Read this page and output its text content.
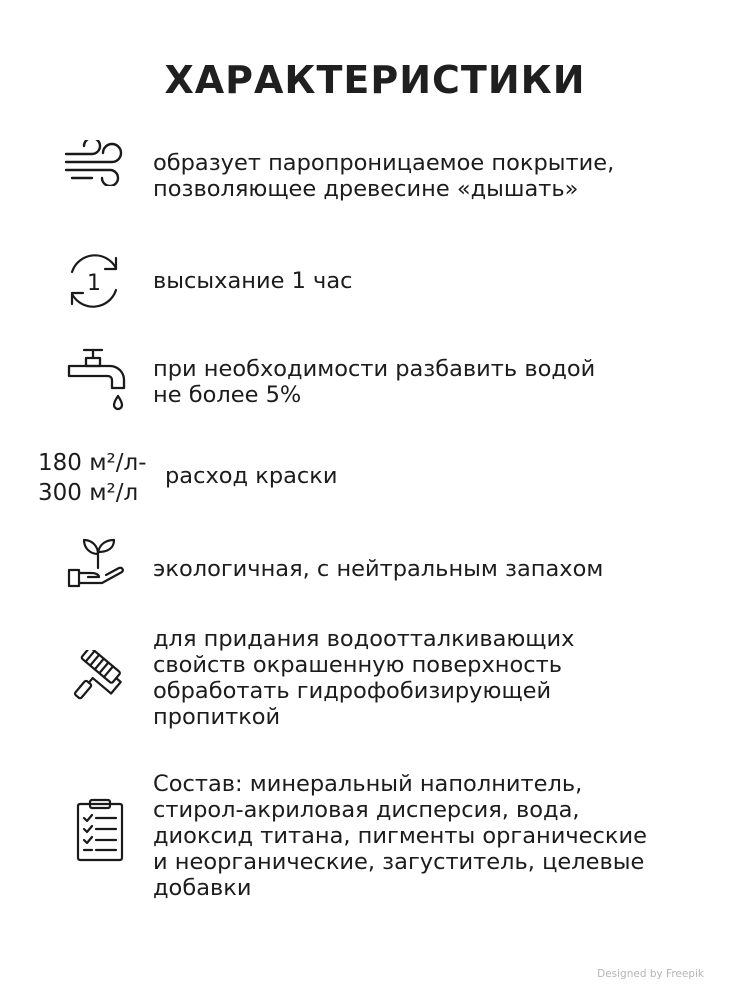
ХАРАКТЕРИСТИКИ
образует паропроницаемое покрытие,
позволяющее древесине «дышать»
1 высыхание 1 час
при необходимости разбавить водой
не более 5%
180 м²/л-
300 м²/л
расход краски
экологичная, с нейтральным запахом
для придания водоотталкивающих
свойств окрашенную поверхность
обработать гидрофобизирующей
пропиткой
Состав: минеральный наполнитель,
стирол-акриловая дисперсия, вода,
диоксид титана, пигменты органические
и неорганические, загуститель, целевые
добавки
Designed by Freepik
